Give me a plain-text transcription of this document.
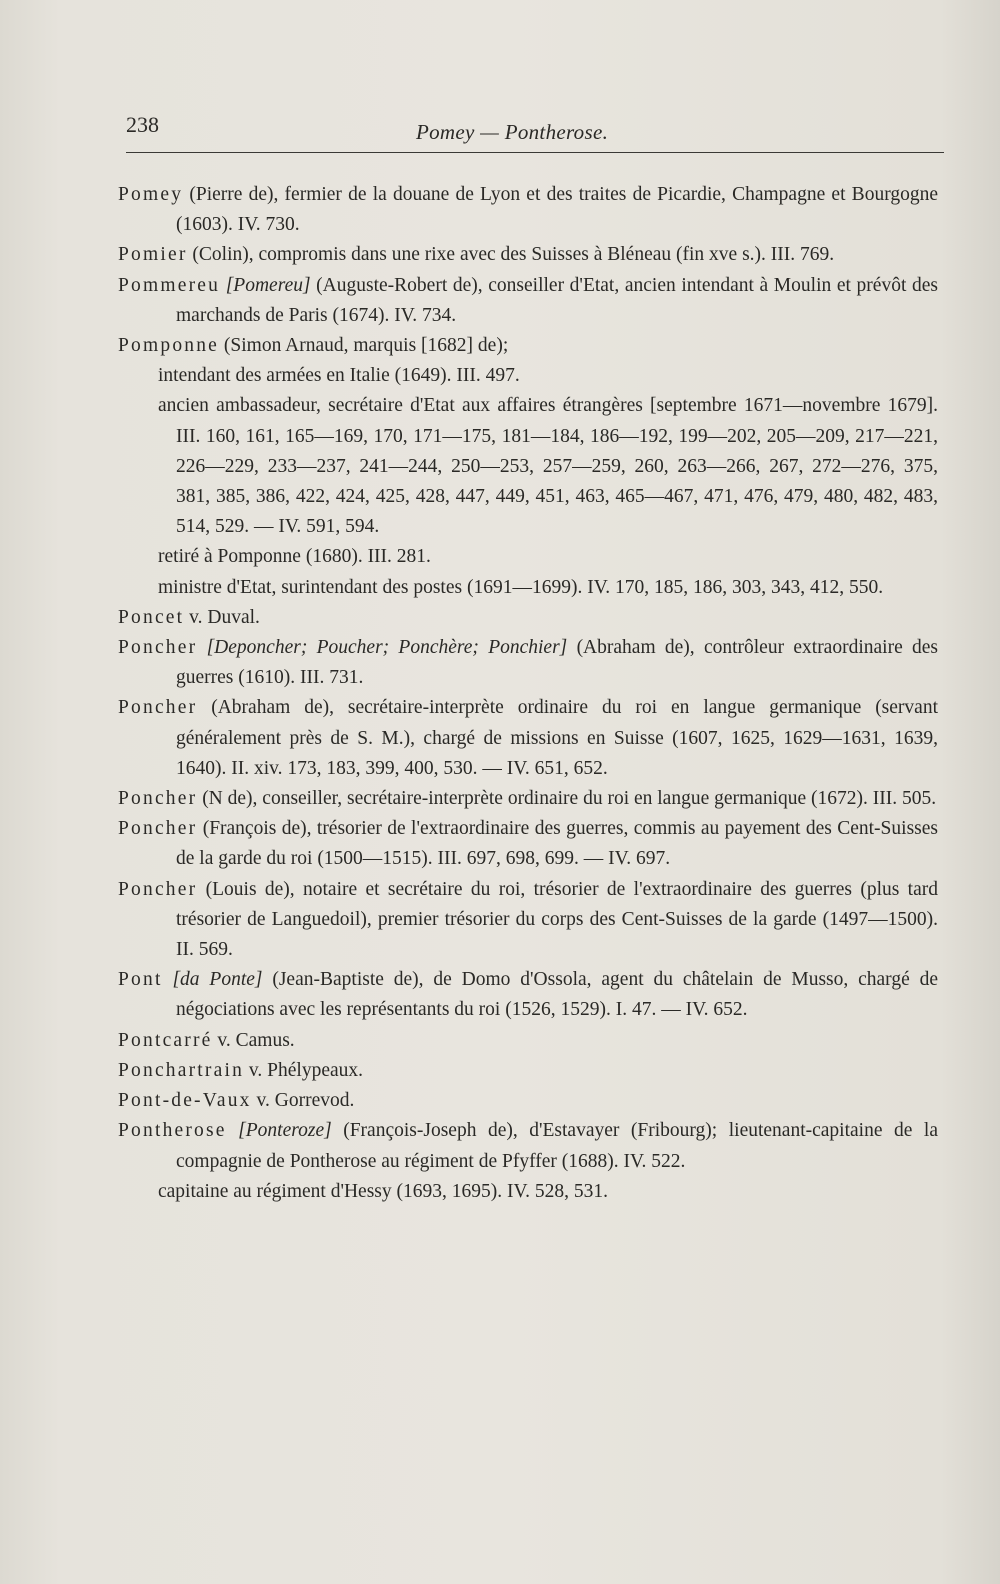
238	Pomey — Pontherose.

Pomey (Pierre de), fermier de la douane de Lyon et des traites de Picardie, Champagne et Bourgogne (1603). IV. 730.

Pomier (Colin), compromis dans une rixe avec des Suisses à Bléneau (fin xve s.). III. 769.

Pommereu [Pomereu] (Auguste-Robert de), conseiller d'Etat, ancien intendant à Moulin et prévôt des marchands de Paris (1674). IV. 734.

Pomponne (Simon Arnaud, marquis [1682] de);

intendant des armées en Italie (1649). III. 497.

ancien ambassadeur, secrétaire d'Etat aux affaires étrangères [septembre 1671—novembre 1679]. III. 160, 161, 165—169, 170, 171—175, 181—184, 186—192, 199—202, 205—209, 217—221, 226—229, 233—237, 241—244, 250—253, 257—259, 260, 263—266, 267, 272—276, 375, 381, 385, 386, 422, 424, 425, 428, 447, 449, 451, 463, 465—467, 471, 476, 479, 480, 482, 483, 514, 529. — IV. 591, 594.

retiré à Pomponne (1680). III. 281.

ministre d'Etat, surintendant des postes (1691—1699). IV. 170, 185, 186, 303, 343, 412, 550.

Poncet v. Duval.

Poncher [Deponcher; Poucher; Ponchère; Ponchier] (Abraham de), contrôleur extraordinaire des guerres (1610). III. 731.

Poncher (Abraham de), secrétaire-interprète ordinaire du roi en langue germanique (servant généralement près de S. M.), chargé de missions en Suisse (1607, 1625, 1629—1631, 1639, 1640). II. xiv. 173, 183, 399, 400, 530. — IV. 651, 652.

Poncher (N de), conseiller, secrétaire-interprète ordinaire du roi en langue germanique (1672). III. 505.

Poncher (François de), trésorier de l'extraordinaire des guerres, commis au payement des Cent-Suisses de la garde du roi (1500—1515). III. 697, 698, 699. — IV. 697.

Poncher (Louis de), notaire et secrétaire du roi, trésorier de l'extraordinaire des guerres (plus tard trésorier de Languedoil), premier trésorier du corps des Cent-Suisses de la garde (1497—1500). II. 569.

Pont [da Ponte] (Jean-Baptiste de), de Domo d'Ossola, agent du châtelain de Musso, chargé de négociations avec les représentants du roi (1526, 1529). I. 47. — IV. 652.

Pontcarré v. Camus.

Ponchartrain v. Phélypeaux.

Pont-de-Vaux v. Gorrevod.

Pontherose [Ponteroze] (François-Joseph de), d'Estavayer (Fribourg); lieutenant-capitaine de la compagnie de Pontherose au régiment de Pfyffer (1688). IV. 522.

capitaine au régiment d'Hessy (1693, 1695). IV. 528, 531.
